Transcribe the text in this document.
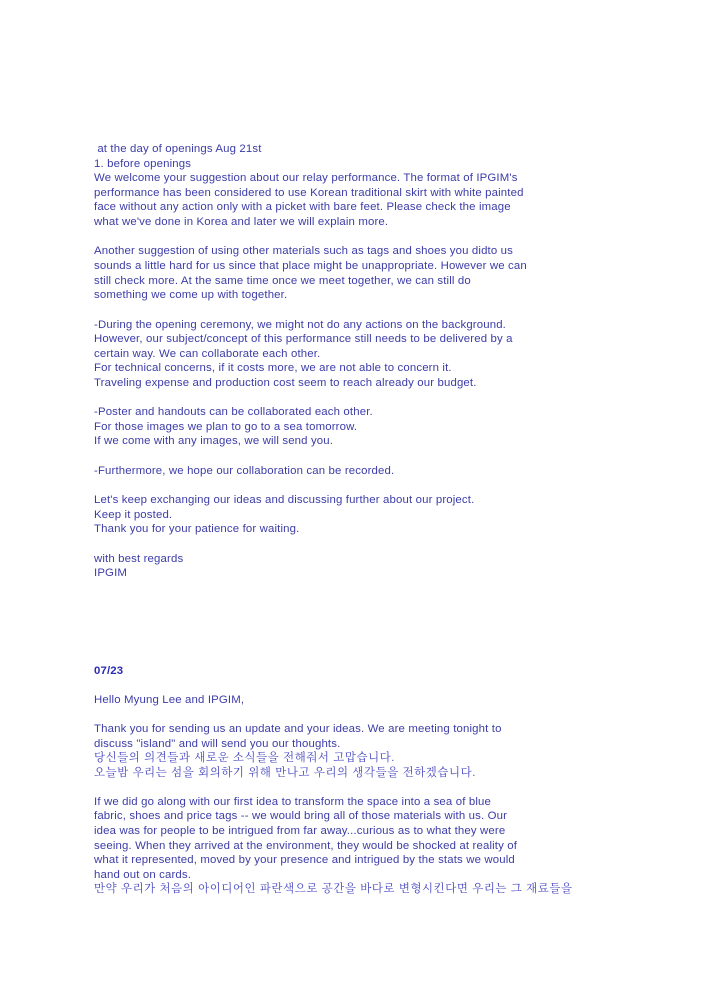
at the day of openings Aug 21st

1. before openings

We welcome your suggestion about our relay performance. The format of IPGIM's

performance has been considered to use Korean traditional skirt with white painted

face without any action only with a picket with bare feet. Please check the image

what we've done in Korea and later we will explain more.

Another suggestion of using other materials such as tags and shoes you didto us

sounds a little hard for us since that place might be unappropriate. However we can

still check more. At the same time once we meet together, we can still do

something we come up with together.

-During the opening ceremony, we might not do any actions on the background.

However, our subject/concept of this performance still needs to be delivered by a

certain way. We can collaborate each other.

For technical concerns, if it costs more, we are not able to concern it.

Traveling expense and production cost seem to reach already our budget.

-Poster and handouts can be collaborated each other.

For those images we plan to go to a sea tomorrow.

If we come with any images, we will send you.

-Furthermore, we hope our collaboration can be recorded.

Let's keep exchanging our ideas and discussing further about our project.

Keep it posted.

Thank you for your patience for waiting.

with best regards

IPGIM

07/23

Hello Myung Lee and IPGIM,

Thank you for sending us an update and your ideas. We are meeting tonight to

discuss "island" and will send you our thoughts.

당신들의 의견들과 새로운 소식들을 전해줘서 고맙습니다.

오늘밤 우리는 섬을 회의하기 위해 만나고 우리의 생각들을 전하겠습니다.

If we did go along with our first idea to transform the space into a sea of blue

fabric, shoes and price tags -- we would bring all of those materials with us. Our

idea was for people to be intrigued from far away...curious as to what they were

seeing. When they arrived at the environment, they would be shocked at reality of

what it represented, moved by your presence and intrigued by the stats we would

hand out on cards.

만약 우리가 처음의 아이디어인 파란색으로 공간을 바다로 변형시킨다면 우리는 그 재료들을
